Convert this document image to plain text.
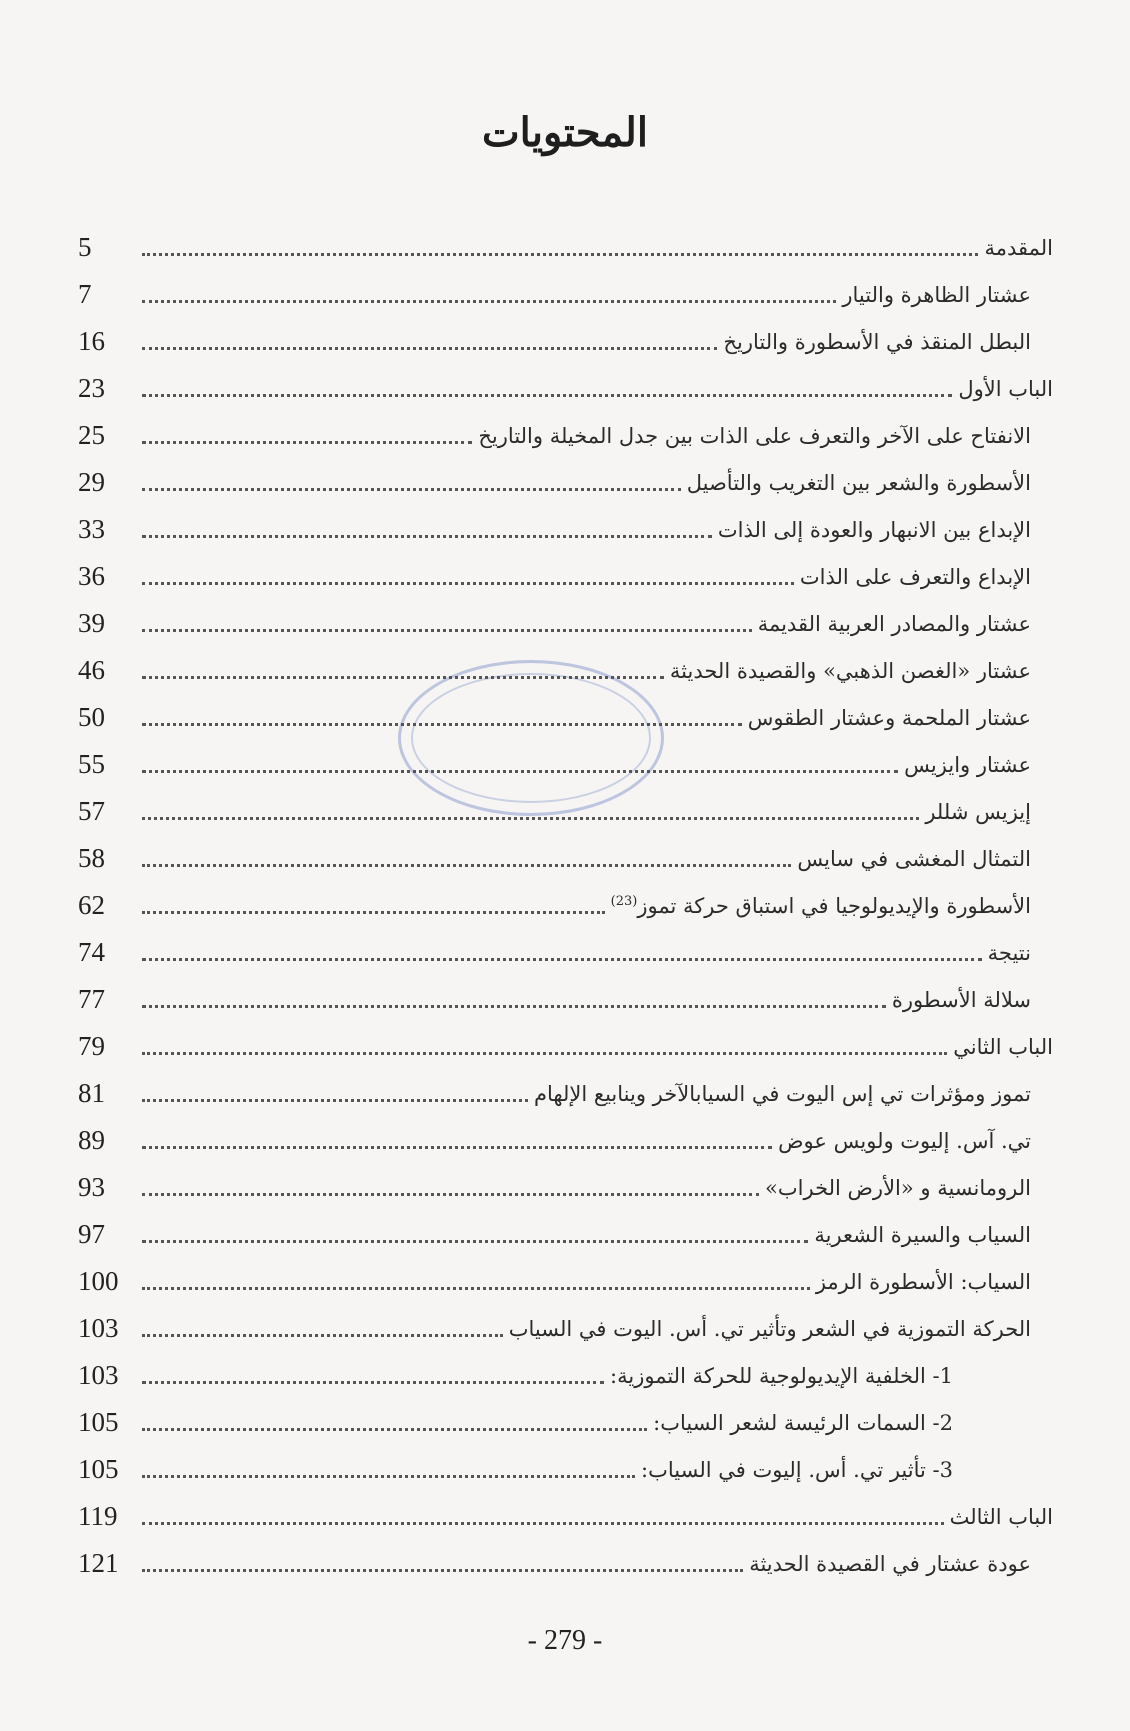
المحتويات
5	المقدمة
7	عشتار الظاهرة والتيار
16	البطل المنقذ في الأسطورة والتاريخ
23	الباب الأول
25	الانفتاح على الآخر والتعرف على الذات بين جدل المخيلة والتاريخ
29	الأسطورة والشعر بين التغريب والتأصيل
33	الإبداع بين الانبهار والعودة إلى الذات
36	الإبداع والتعرف على الذات
39	عشتار والمصادر العربية القديمة
46	عشتار «الغصن الذهبي» والقصيدة الحديثة
50	عشتار الملحمة وعشتار الطقوس
55	عشتار وايزيس
57	إيزيس شللر
58	التمثال المغشى في سايس
62	الأسطورة والإيديولوجيا في استباق حركة تموز$^{(23)}$
74	نتيجة
77	سلالة الأسطورة
79	الباب الثاني
81	تموز ومؤثرات تي إس اليوت في السيابالآخر وينابيع الإلهام
89	تي. آس. إليوت ولويس عوض
93	الرومانسية و «الأرض الخراب»
97	السياب والسيرة الشعرية
100	السياب: الأسطورة الرمز
103	الحركة التموزية في الشعر وتأثير تي. أس. اليوت في السياب
103	1- الخلفية الإيديولوجية للحركة التموزية:
105	2- السمات الرئيسة لشعر السياب:
105	3- تأثير تي. أس. إليوت في السياب:
119	الباب الثالث
121	عودة عشتار في القصيدة الحديثة
- 279 -
